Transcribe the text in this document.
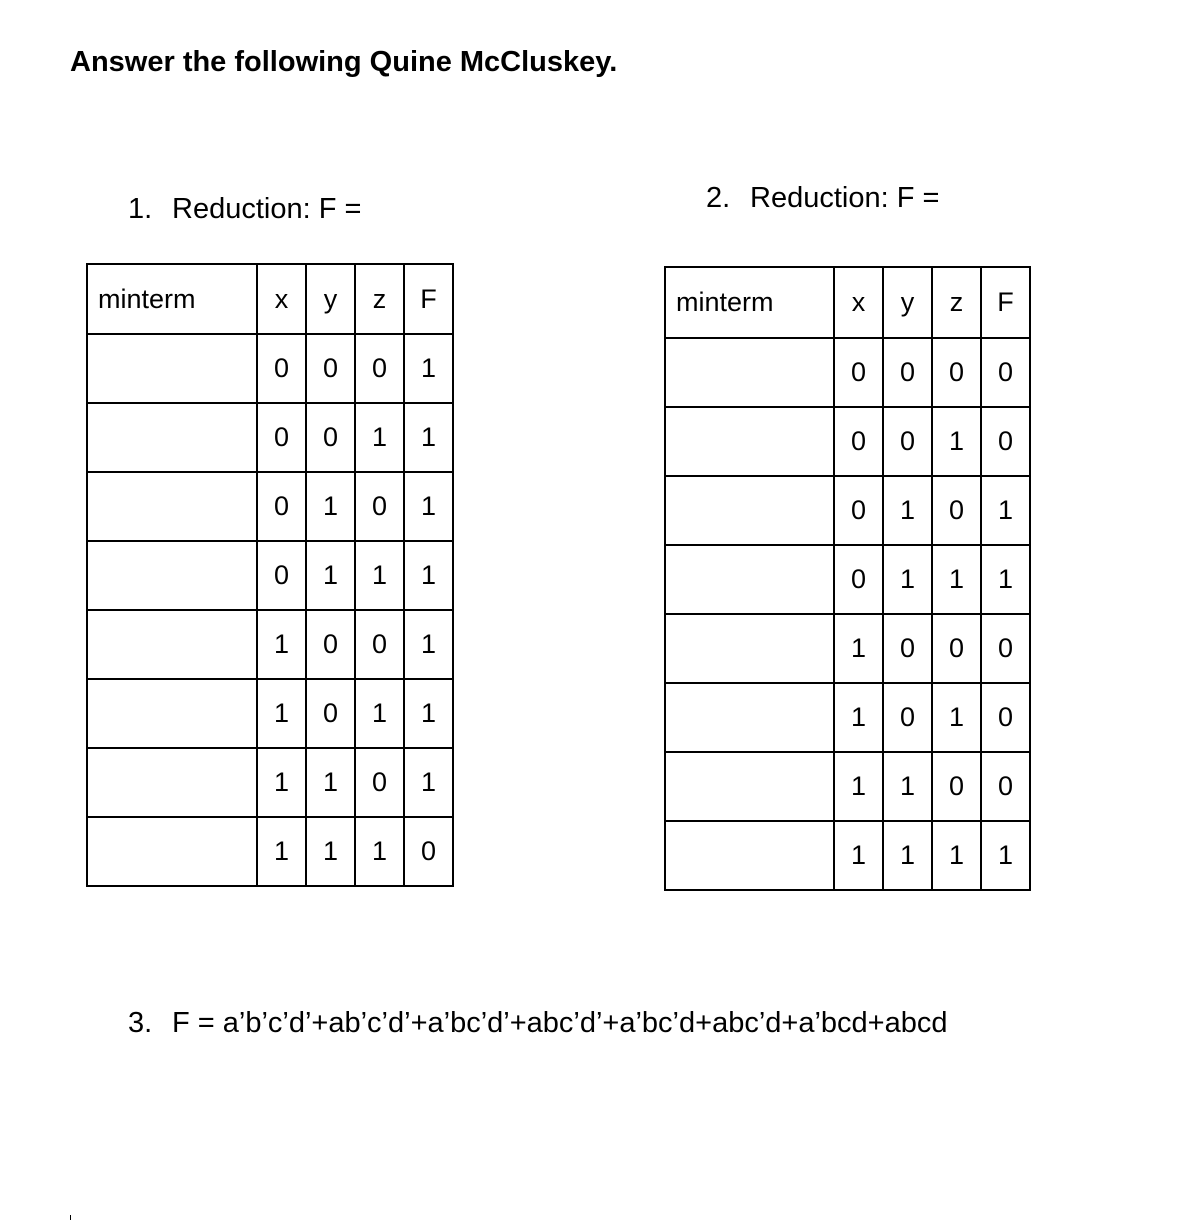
Answer the following Quine McCluskey.
1. Reduction: F =
minterm	x	y	z	F
	0	0	0	1
	0	0	1	1
	0	1	0	1
	0	1	1	1
	1	0	0	1
	1	0	1	1
	1	1	0	1
	1	1	1	0
2. Reduction: F =
minterm	x	y	z	F
	0	0	0	0
	0	0	1	0
	0	1	0	1
	0	1	1	1
	1	0	0	0
	1	0	1	0
	1	1	0	0
	1	1	1	1
3. F = a’b’c’d’+ab’c’d’+a’bc’d’+abc’d’+a’bc’d+abc’d+a’bcd+abcd
